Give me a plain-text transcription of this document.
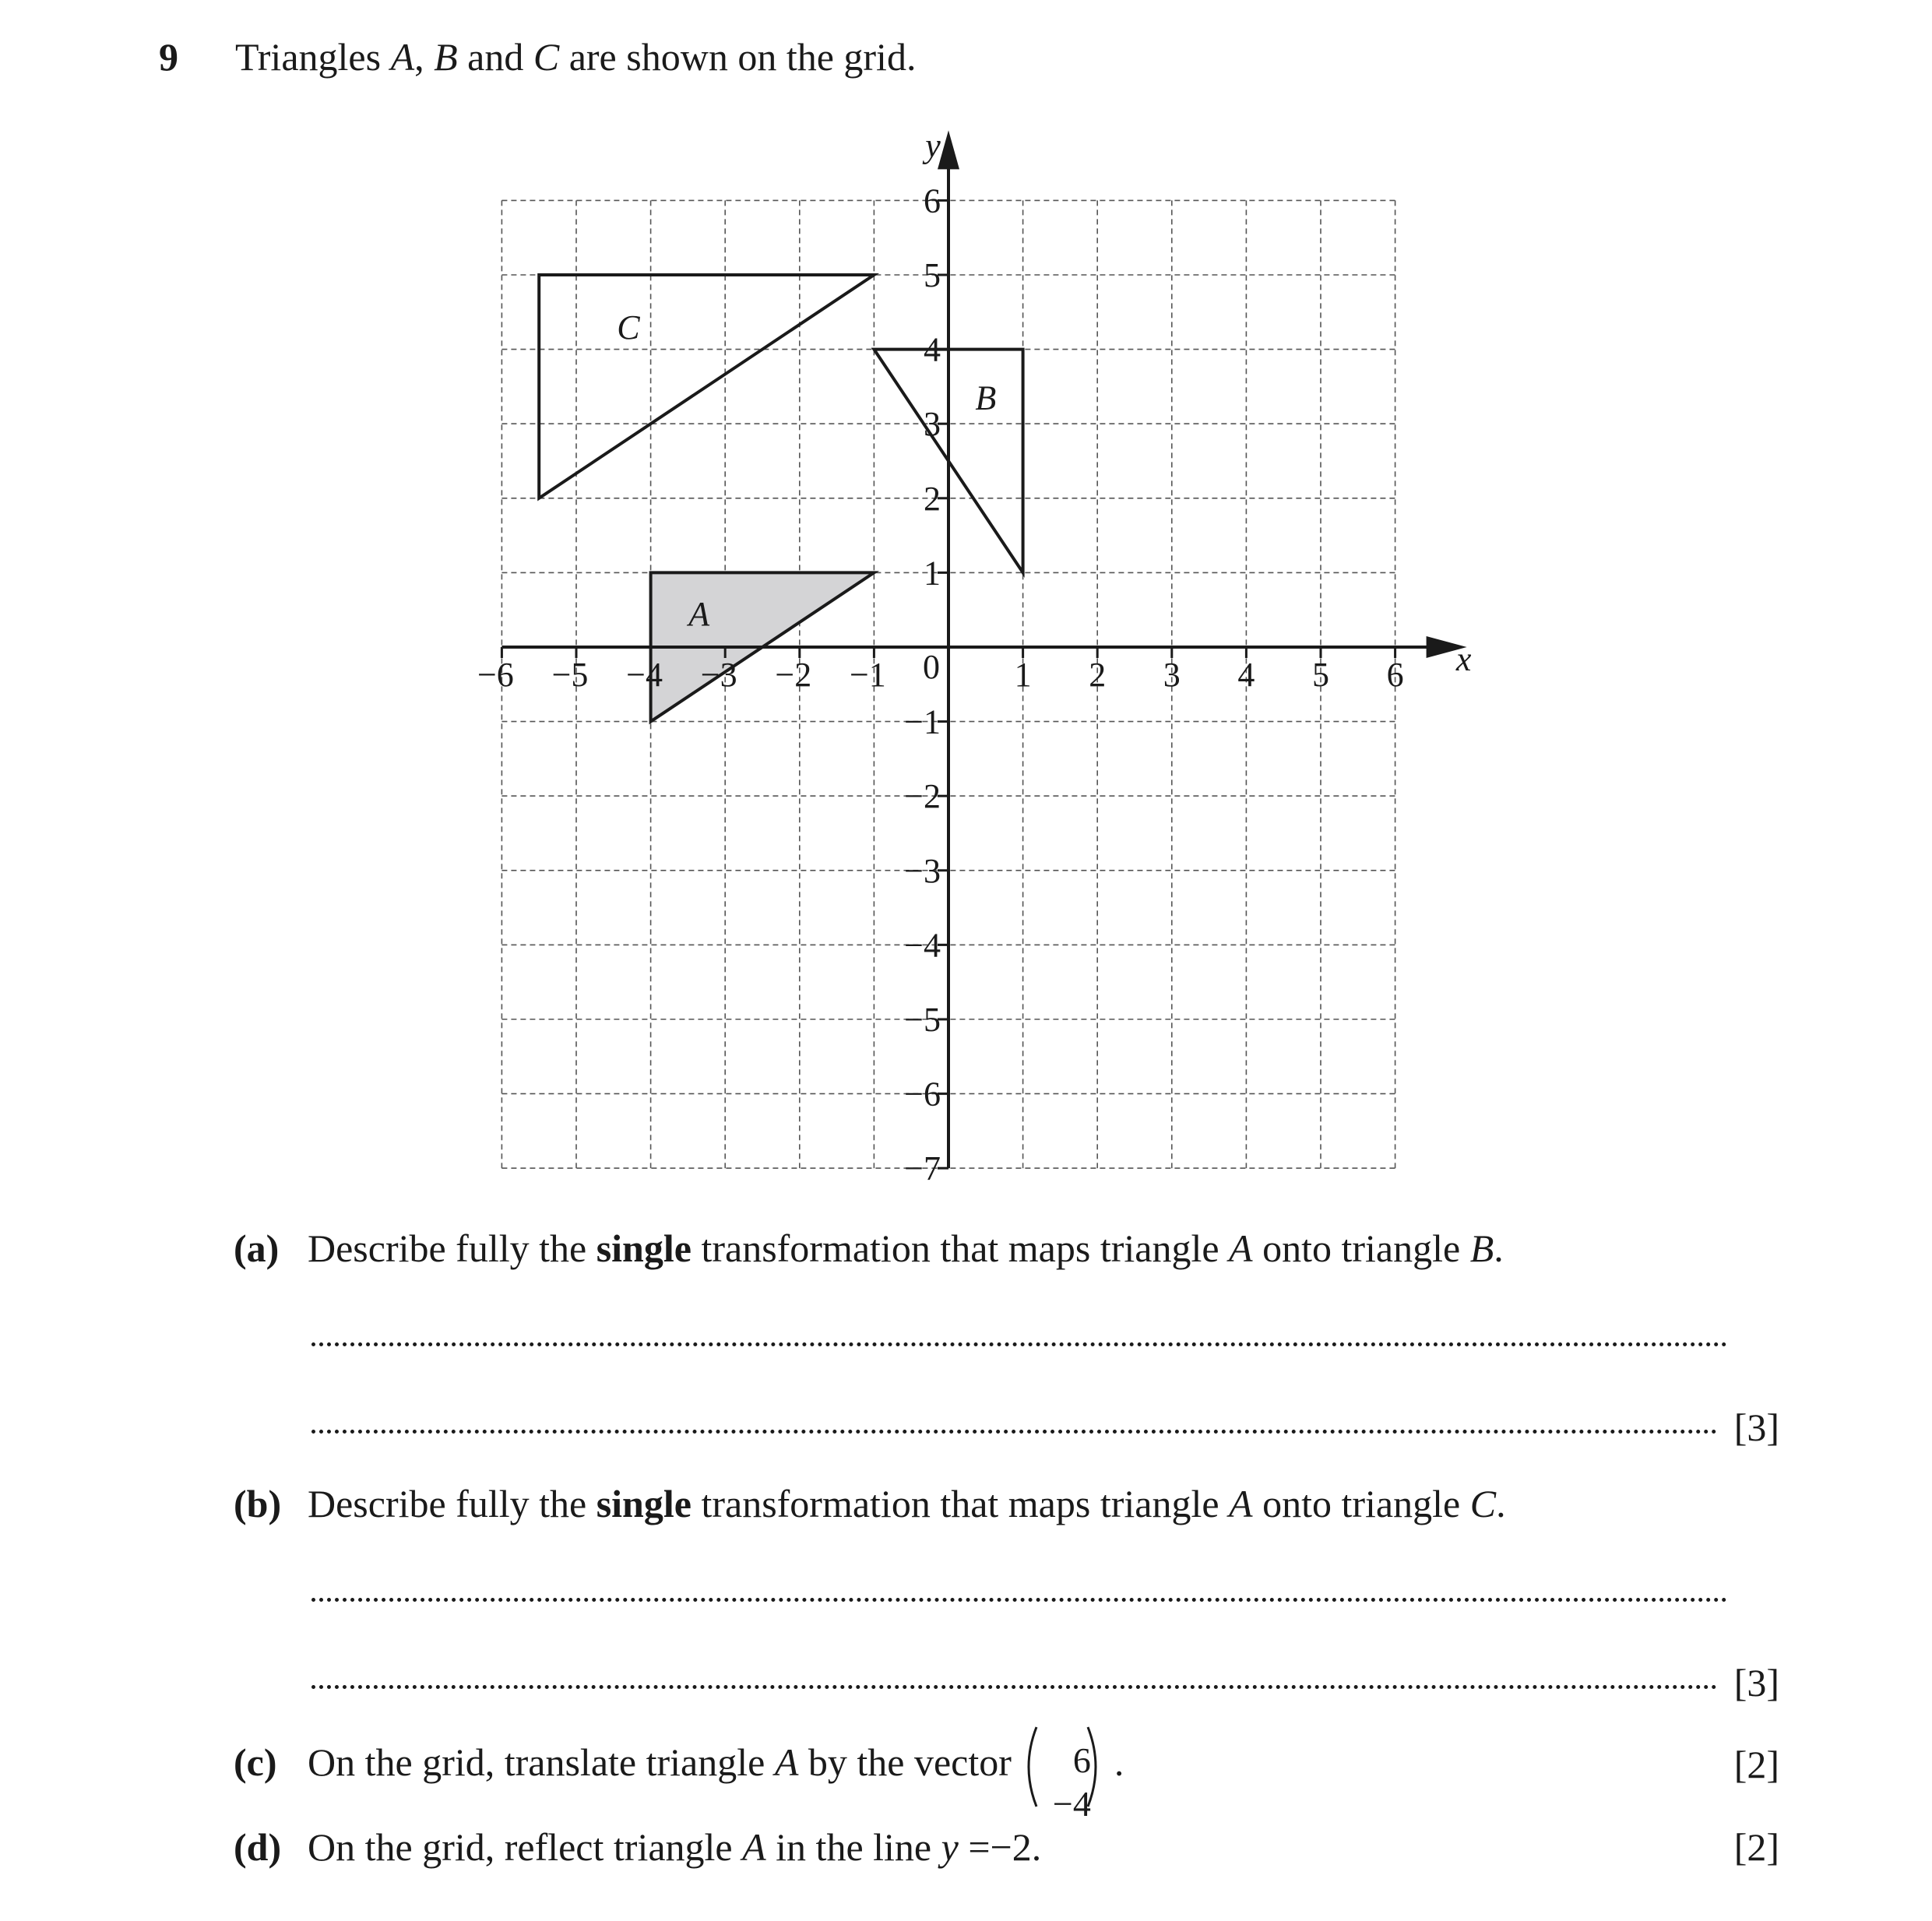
9 Triangles A, B and C are shown on the grid.
−6 −5 −4 −3 −2 −1	1 2 3 4 5 6
6
5
4
3
2
1
−1
−2
−3
−4
−5
−6
−7
0	x
y
A
B
C
(a) Describe fully the single transformation that maps triangle A onto triangle B.
[3]
(b) Describe fully the single transformation that maps triangle A onto triangle C.
[3]
(c) On the grid, translate triangle A by the vector 6
−4
.	[2]
(d) On the grid, reflect triangle A in the line y =−2.	[2]
